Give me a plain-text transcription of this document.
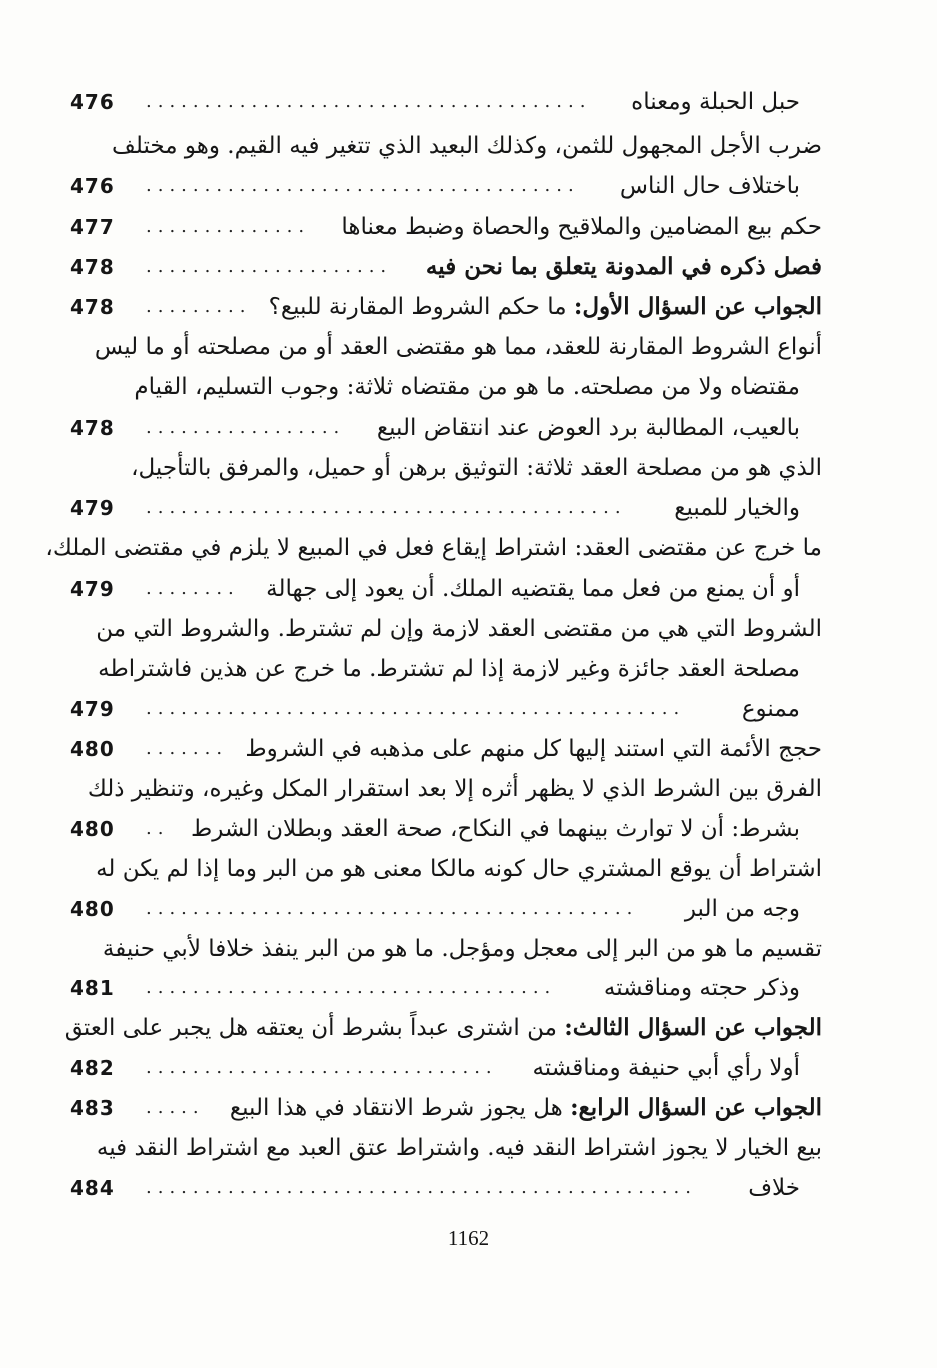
حبل الحبلة ومعناه
......................................
476
ضرب الأجل المجهول للثمن، وكذلك البعيد الذي تتغير فيه القيم. وهو مختلف
باختلاف حال الناس
.....................................
476
حكم بيع المضامين والملاقيح والحصاة وضبط معناها
..............
477
فصل ذكره في المدونة يتعلق بما نحن فيه
.....................
478
الجواب عن السؤال الأول: ما حكم الشروط المقارنة للبيع؟
.........
478
أنواع الشروط المقارنة للعقد، مما هو مقتضى العقد أو من مصلحته أو ما ليس
مقتضاه ولا من مصلحته. ما هو من مقتضاه ثلاثة: وجوب التسليم، القيام
بالعيب، المطالبة برد العوض عند انتقاض البيع
.................
478
الذي هو من مصلحة العقد ثلاثة: التوثيق برهن أو حميل، والمرفق بالتأجيل،
والخيار للمبيع
.........................................
479
ما خرج عن مقتضى العقد: اشتراط إيقاع فعل في المبيع لا يلزم في مقتضى الملك،
أو أن يمنع من فعل مما يقتضيه الملك. أن يعود إلى جهالة
........
479
الشروط التي هي من مقتضى العقد لازمة وإن لم تشترط. والشروط التي من
مصلحة العقد جائزة وغير لازمة إذا لم تشترط. ما خرج عن هذين فاشتراطه
ممنوع
..............................................
479
حجج الأئمة التي استند إليها كل منهم على مذهبه في الشروط
.......
480
الفرق بين الشرط الذي لا يظهر أثره إلا بعد استقرار المكل وغيره، وتنظير ذلك
بشرط: أن لا توارث بينهما في النكاح، صحة العقد وبطلان الشرط
..
480
اشتراط أن يوقع المشتري حال كونه مالكا معنى هو من البر وما إذا لم يكن له
وجه من البر
..........................................
480
تقسيم ما هو من البر إلى معجل ومؤجل. ما هو من البر ينفذ خلافا لأبي حنيفة
وذكر حجته ومناقشته
...................................
481
الجواب عن السؤال الثالث: من اشترى عبداً بشرط أن يعتقه هل يجبر على العتق
أولا رأي أبي حنيفة ومناقشته
..............................
482
الجواب عن السؤال الرابع: هل يجوز شرط الانتقاد في هذا البيع
.....
483
بيع الخيار لا يجوز اشتراط النقد فيه. واشتراط عتق العبد مع اشتراط النقد فيه
خلاف
...............................................
484
1162
